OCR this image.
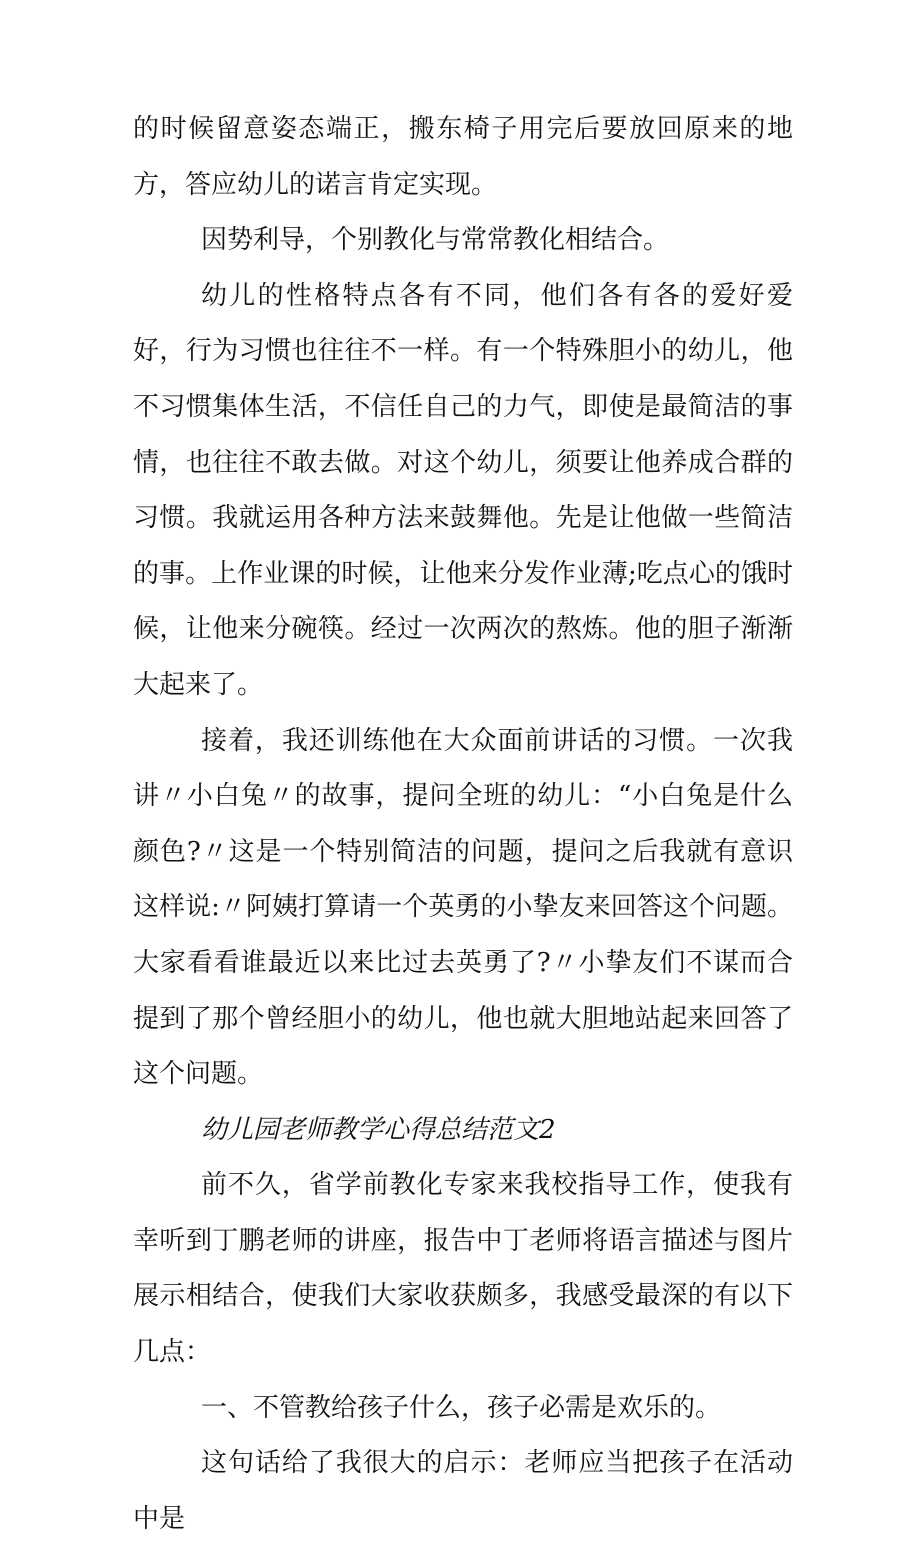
的时候留意姿态端正，搬东椅子用完后要放回原来的地方，答应幼儿的诺言肯定实现。

因势利导，个别教化与常常教化相结合。

幼儿的性格特点各有不同，他们各有各的爱好爱好，行为习惯也往往不一样。有一个特殊胆小的幼儿，他不习惯集体生活，不信任自己的力气，即使是最简洁的事情，也往往不敢去做。对这个幼儿，须要让他养成合群的习惯。我就运用各种方法来鼓舞他。先是让他做一些简洁的事。上作业课的时候，让他来分发作业薄;吃点心的饿时候，让他来分碗筷。经过一次两次的熬炼。他的胆子渐渐大起来了。

接着，我还训练他在大众面前讲话的习惯。一次我讲〃小白兔〃的故事，提问全班的幼儿：“小白兔是什么颜色?〃这是一个特别简洁的问题，提问之后我就有意识这样说:〃阿姨打算请一个英勇的小挚友来回答这个问题。大家看看谁最近以来比过去英勇了?〃小挚友们不谋而合提到了那个曾经胆小的幼儿，他也就大胆地站起来回答了这个问题。

幼儿园老师教学心得总结范文2

前不久，省学前教化专家来我校指导工作，使我有幸听到丁鹏老师的讲座，报告中丁老师将语言描述与图片展示相结合，使我们大家收获颇多，我感受最深的有以下几点：

一、不管教给孩子什么，孩子必需是欢乐的。

这句话给了我很大的启示：老师应当把孩子在活动中是
